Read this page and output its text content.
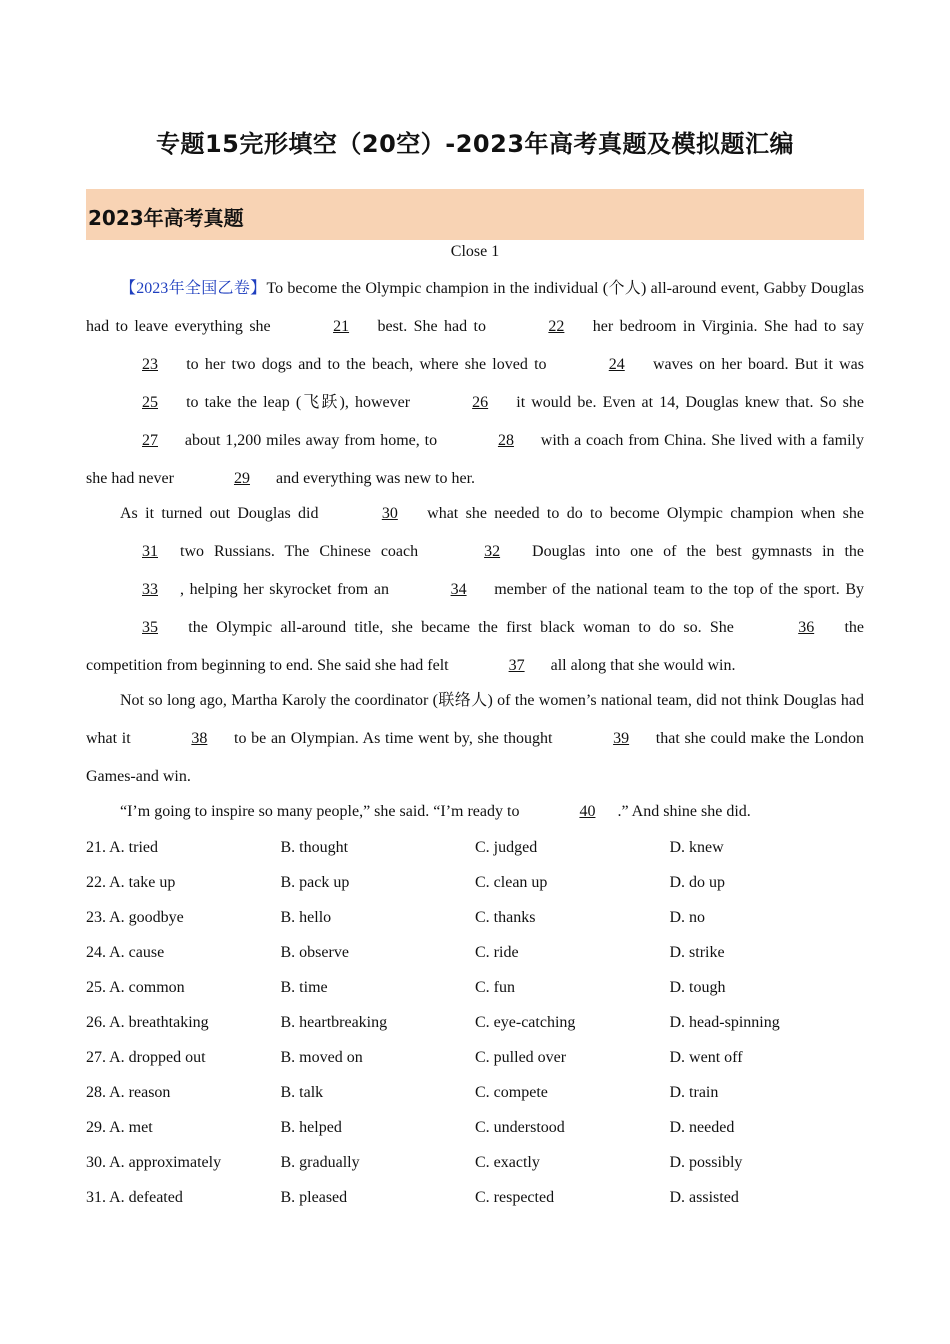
专题15完形填空（20空）-2023年高考真题及模拟题汇编
2023年高考真题
Close 1

【2023年全国乙卷】To become the Olympic champion in the individual (个人) all-around event, Gabby Douglas had to leave everything she	21 best. She had to	22 her bedroom in Virginia. She had to say 23 to her two dogs and to the beach, where she loved to	24 waves on her board. But it was 25 to take the leap (飞跃), however	26 it would be. Even at 14, Douglas knew that. So she 27 about 1,200 miles away from home, to	28 with a coach from China. She lived with a family she had never	29 and everything was new to her.

As it turned out Douglas did	30 what she needed to do to become Olympic champion when she 31 two Russians. The Chinese coach	32 Douglas into one of the best gymnasts in the 33 , helping her skyrocket from an	34 member of the national team to the top of the sport. By 35 the Olympic all-around title, she became the first black woman to do so. She	36 the competition from beginning to end. She said she had felt	37 all along that she would win.

Not so long ago, Martha Karoly the coordinator (联络人) of the women’s national team, did not think Douglas had what it	38 to be an Olympian. As time went by, she thought	39 that she could make the London Games-and win.

“I’m going to inspire so many people,” she said. “I’m ready to	40 .” And shine she did.

21. A. tried	B. thought	C. judged	D. knew
22. A. take up	B. pack up	C. clean up	D. do up
23. A. goodbye	B. hello	C. thanks	D. no
24. A. cause	B. observe	C. ride	D. strike
25. A. common	B. time	C. fun	D. tough
26. A. breathtaking	B. heartbreaking	C. eye-catching	D. head-spinning
27. A. dropped out	B. moved on	C. pulled over	D. went off
28. A. reason	B. talk	C. compete	D. train
29. A. met	B. helped	C. understood	D. needed
30. A. approximately	B. gradually	C. exactly	D. possibly
31. A. defeated	B. pleased	C. respected	D. assisted
